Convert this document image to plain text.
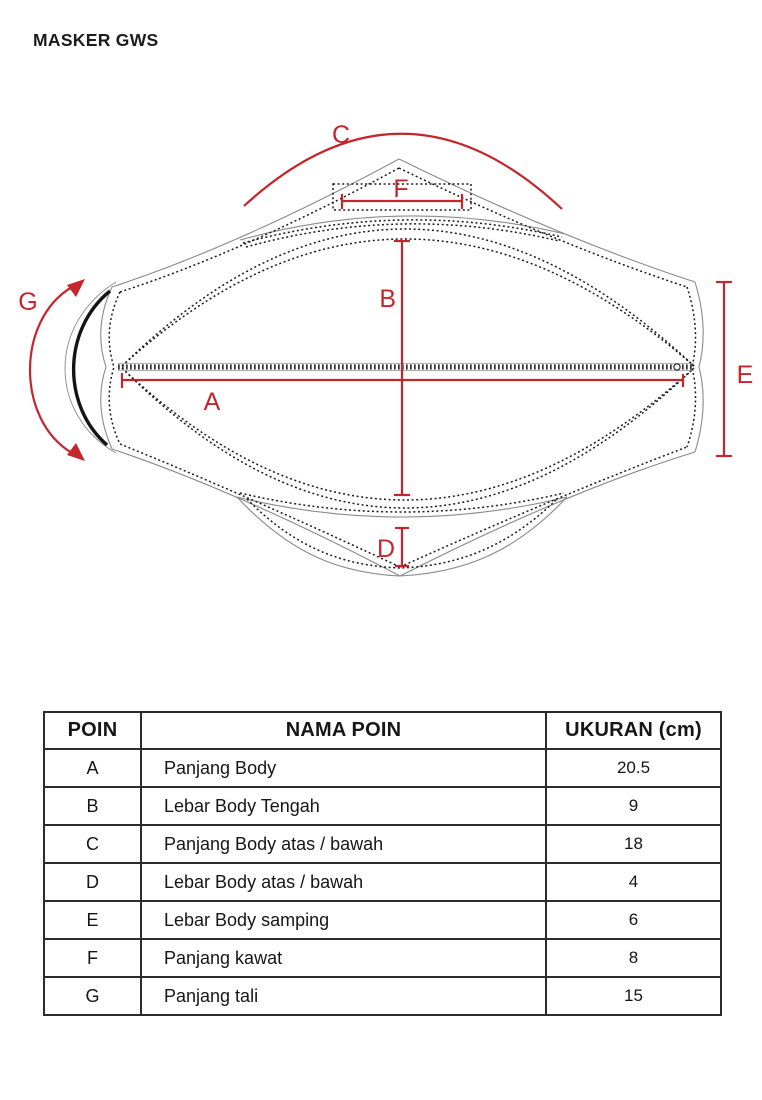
MASKER GWS
C
F
B
A
D
E
G
POIN	NAMA POIN	UKURAN (cm)
A	Panjang Body	20.5
B	Lebar Body Tengah	9
C	Panjang Body atas / bawah	18
D	Lebar Body atas / bawah	4
E	Lebar Body samping	6
F	Panjang kawat	8
G	Panjang tali	15
